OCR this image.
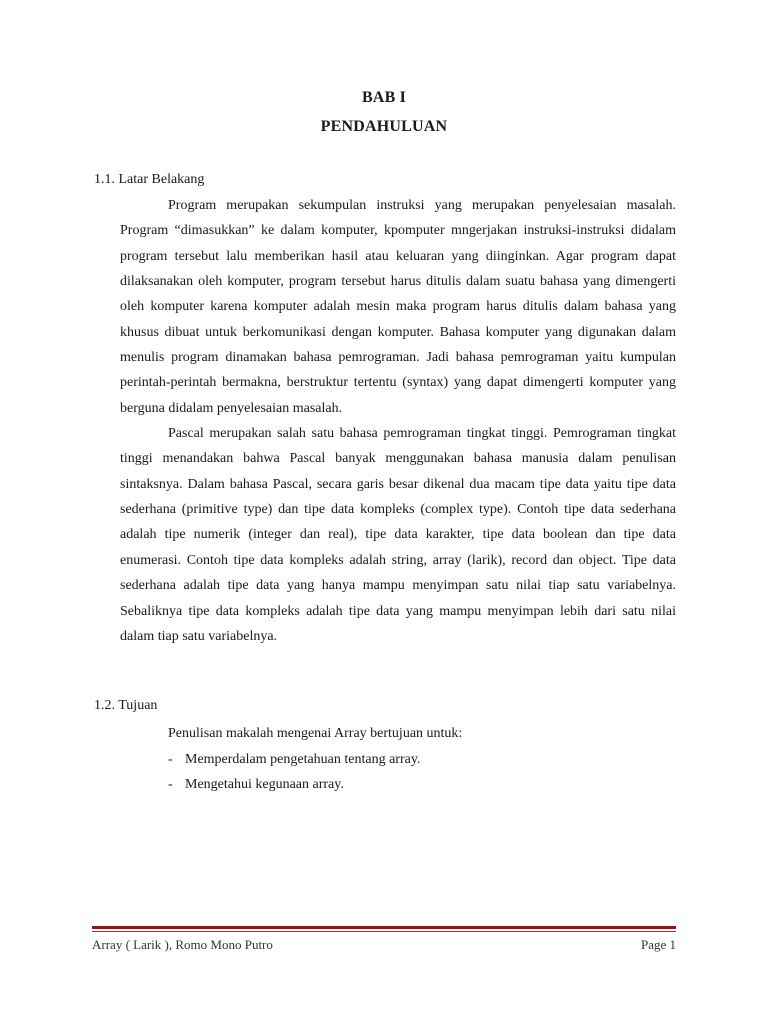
BAB I
PENDAHULUAN
1.1. Latar Belakang

Program merupakan sekumpulan instruksi yang merupakan penyelesaian masalah. Program “dimasukkan” ke dalam komputer, kpomputer mngerjakan instruksi-instruksi didalam program tersebut lalu memberikan hasil atau keluaran yang diinginkan. Agar program dapat dilaksanakan oleh komputer, program tersebut harus ditulis dalam suatu bahasa yang dimengerti oleh komputer karena komputer adalah mesin maka program harus ditulis dalam bahasa yang khusus dibuat untuk berkomunikasi dengan komputer. Bahasa komputer yang digunakan dalam menulis program dinamakan bahasa pemrograman. Jadi bahasa pemrograman yaitu kumpulan perintah-perintah bermakna, berstruktur tertentu (syntax) yang dapat dimengerti komputer yang berguna didalam penyelesaian masalah.

Pascal merupakan salah satu bahasa pemrograman tingkat tinggi. Pemrograman tingkat tinggi menandakan bahwa Pascal banyak menggunakan bahasa manusia dalam penulisan sintaksnya. Dalam bahasa Pascal, secara garis besar dikenal dua macam tipe data yaitu tipe data sederhana (primitive type) dan tipe data kompleks (complex type). Contoh tipe data sederhana adalah tipe numerik (integer dan real), tipe data karakter, tipe data boolean dan tipe data enumerasi. Contoh tipe data kompleks adalah string, array (larik), record dan object. Tipe data sederhana adalah tipe data yang hanya mampu menyimpan satu nilai tiap satu variabelnya. Sebaliknya tipe data kompleks adalah tipe data yang mampu menyimpan lebih dari satu nilai dalam tiap satu variabelnya.

1.2. Tujuan
Penulisan makalah mengenai Array bertujuan untuk:
- Memperdalam pengetahuan tentang array.
- Mengetahui kegunaan array.
Array ( Larik ), Romo Mono Putro	Page 1
